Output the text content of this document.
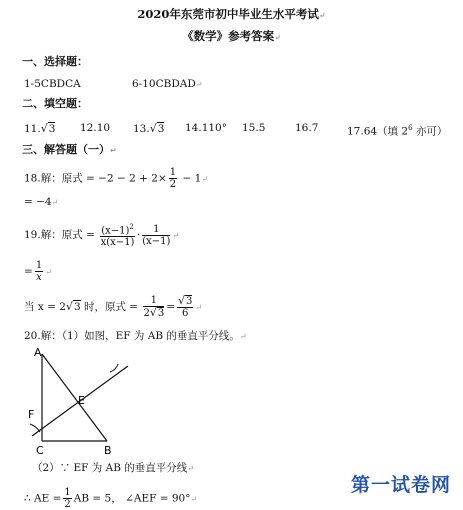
2020年东莞市初中毕业生水平考试↵
《数学》参考答案↵
一、选择题：
1-5CBDCA	6-10CBDAD↵
二、填空题：
11.√3 12.10 13.√3 14.110° 15.5	16.7	17.64（填 $2^6$ 亦可）
三、解答题（一）↵
18.解：原式 = $-2 - 2 + 2\times \frac{1}{2}$ − 1↵
= −4↵
19.解：原式 = $\frac{(x-1)^2}{x(x-1)} \cdot \frac{1}{(x-1)}$ ↵
= $\frac{1}{x}$ ↵
当 x = 2√3 时，原式 = $\frac{1}{2√3} = \frac{√3}{6}$ ↵
20.解：（1）如图，EF 为 AB 的垂直平分线。↵
A
E
F
C	B
（2）∵ EF 为 AB 的垂直平分线↵
∴ AE = $\frac{1}{2}$ AB = 5， ∠AEF = 90°↵
第一试卷网
